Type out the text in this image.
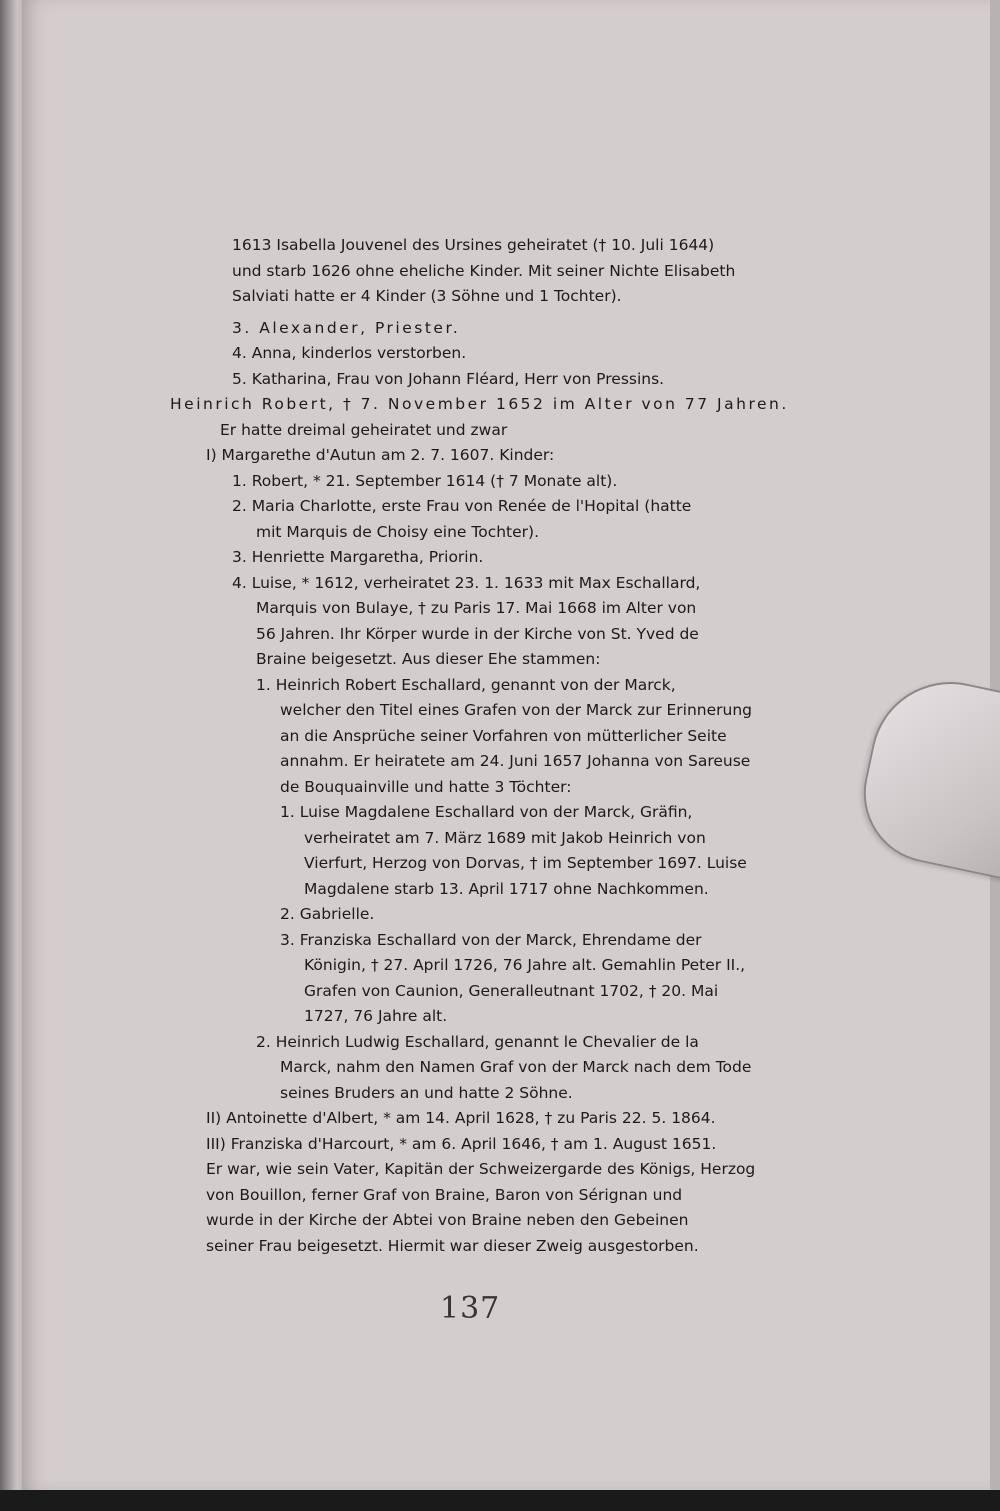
1613 Isabella Jouvenel des Ursines geheiratet († 10. Juli 1644)

und starb 1626 ohne eheliche Kinder. Mit seiner Nichte Elisabeth

Salviati hatte er 4 Kinder (3 Söhne und 1 Tochter).

3. Alexander, Priester.

4. Anna, kinderlos verstorben.

5. Katharina, Frau von Johann Fléard, Herr von Pressins.

Heinrich Robert, † 7. November 1652 im Alter von 77 Jahren.

Er hatte dreimal geheiratet und zwar

I) Margarethe d'Autun am 2. 7. 1607. Kinder:

1. Robert, * 21. September 1614 († 7 Monate alt).

2. Maria Charlotte, erste Frau von Renée de l'Hopital (hatte

mit Marquis de Choisy eine Tochter).

3. Henriette Margaretha, Priorin.

4. Luise, * 1612, verheiratet 23. 1. 1633 mit Max Eschallard,

Marquis von Bulaye, † zu Paris 17. Mai 1668 im Alter von

56 Jahren. Ihr Körper wurde in der Kirche von St. Yved de

Braine beigesetzt. Aus dieser Ehe stammen:

1. Heinrich Robert Eschallard, genannt von der Marck,

welcher den Titel eines Grafen von der Marck zur Erinnerung

an die Ansprüche seiner Vorfahren von mütterlicher Seite

annahm. Er heiratete am 24. Juni 1657 Johanna von Sareuse

de Bouquainville und hatte 3 Töchter:

1. Luise Magdalene Eschallard von der Marck, Gräfin,

verheiratet am 7. März 1689 mit Jakob Heinrich von

Vierfurt, Herzog von Dorvas, † im September 1697. Luise

Magdalene starb 13. April 1717 ohne Nachkommen.

2. Gabrielle.

3. Franziska Eschallard von der Marck, Ehrendame der

Königin, † 27. April 1726, 76 Jahre alt. Gemahlin Peter II.,

Grafen von Caunion, Generalleutnant 1702, † 20. Mai

1727, 76 Jahre alt.

2. Heinrich Ludwig Eschallard, genannt le Chevalier de la

Marck, nahm den Namen Graf von der Marck nach dem Tode

seines Bruders an und hatte 2 Söhne.

II) Antoinette d'Albert, * am 14. April 1628, † zu Paris 22. 5. 1864.

III) Franziska d'Harcourt, * am 6. April 1646, † am 1. August 1651.

Er war, wie sein Vater, Kapitän der Schweizergarde des Königs, Herzog

von Bouillon, ferner Graf von Braine, Baron von Sérignan und

wurde in der Kirche der Abtei von Braine neben den Gebeinen

seiner Frau beigesetzt. Hiermit war dieser Zweig ausgestorben.

137
